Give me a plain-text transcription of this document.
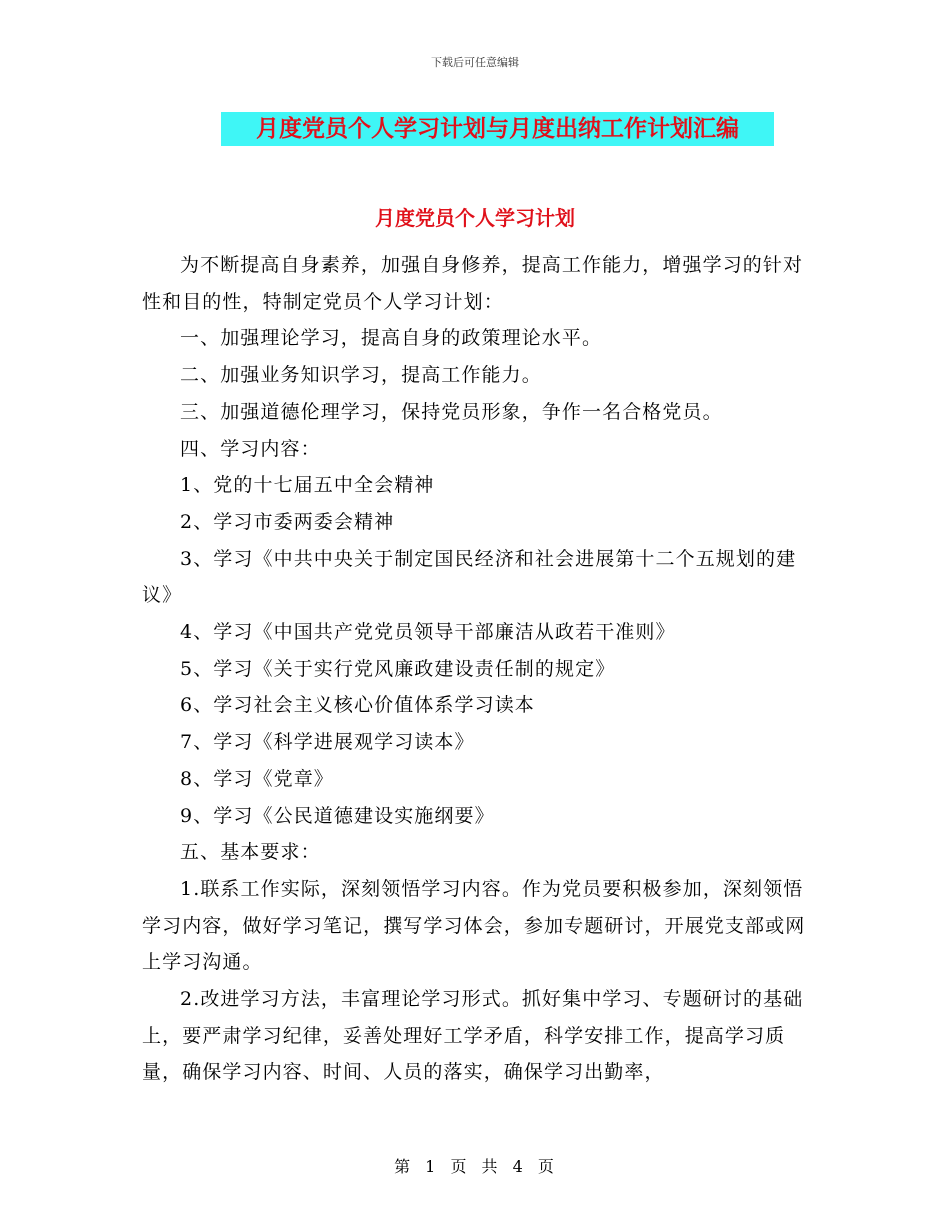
下载后可任意编辑
月度党员个人学习计划与月度出纳工作计划汇编
月度党员个人学习计划

为不断提高自身素养，加强自身修养，提高工作能力，增强学习的针对性和目的性，特制定党员个人学习计划：

一、加强理论学习，提高自身的政策理论水平。

二、加强业务知识学习，提高工作能力。

三、加强道德伦理学习，保持党员形象，争作一名合格党员。

四、学习内容：

1、党的十七届五中全会精神

2、学习市委两委会精神

3、学习《中共中央关于制定国民经济和社会进展第十二个五规划的建议》

4、学习《中国共产党党员领导干部廉洁从政若干准则》

5、学习《关于实行党风廉政建设责任制的规定》

6、学习社会主义核心价值体系学习读本

7、学习《科学进展观学习读本》

8、学习《党章》

9、学习《公民道德建设实施纲要》

五、基本要求：

1.联系工作实际，深刻领悟学习内容。作为党员要积极参加，深刻领悟学习内容，做好学习笔记，撰写学习体会，参加专题研讨，开展党支部或网上学习沟通。

2.改进学习方法，丰富理论学习形式。抓好集中学习、专题研讨的基础上，要严肃学习纪律，妥善处理好工学矛盾，科学安排工作，提高学习质量，确保学习内容、时间、人员的落实，确保学习出勤率，

第 1 页 共 4 页
